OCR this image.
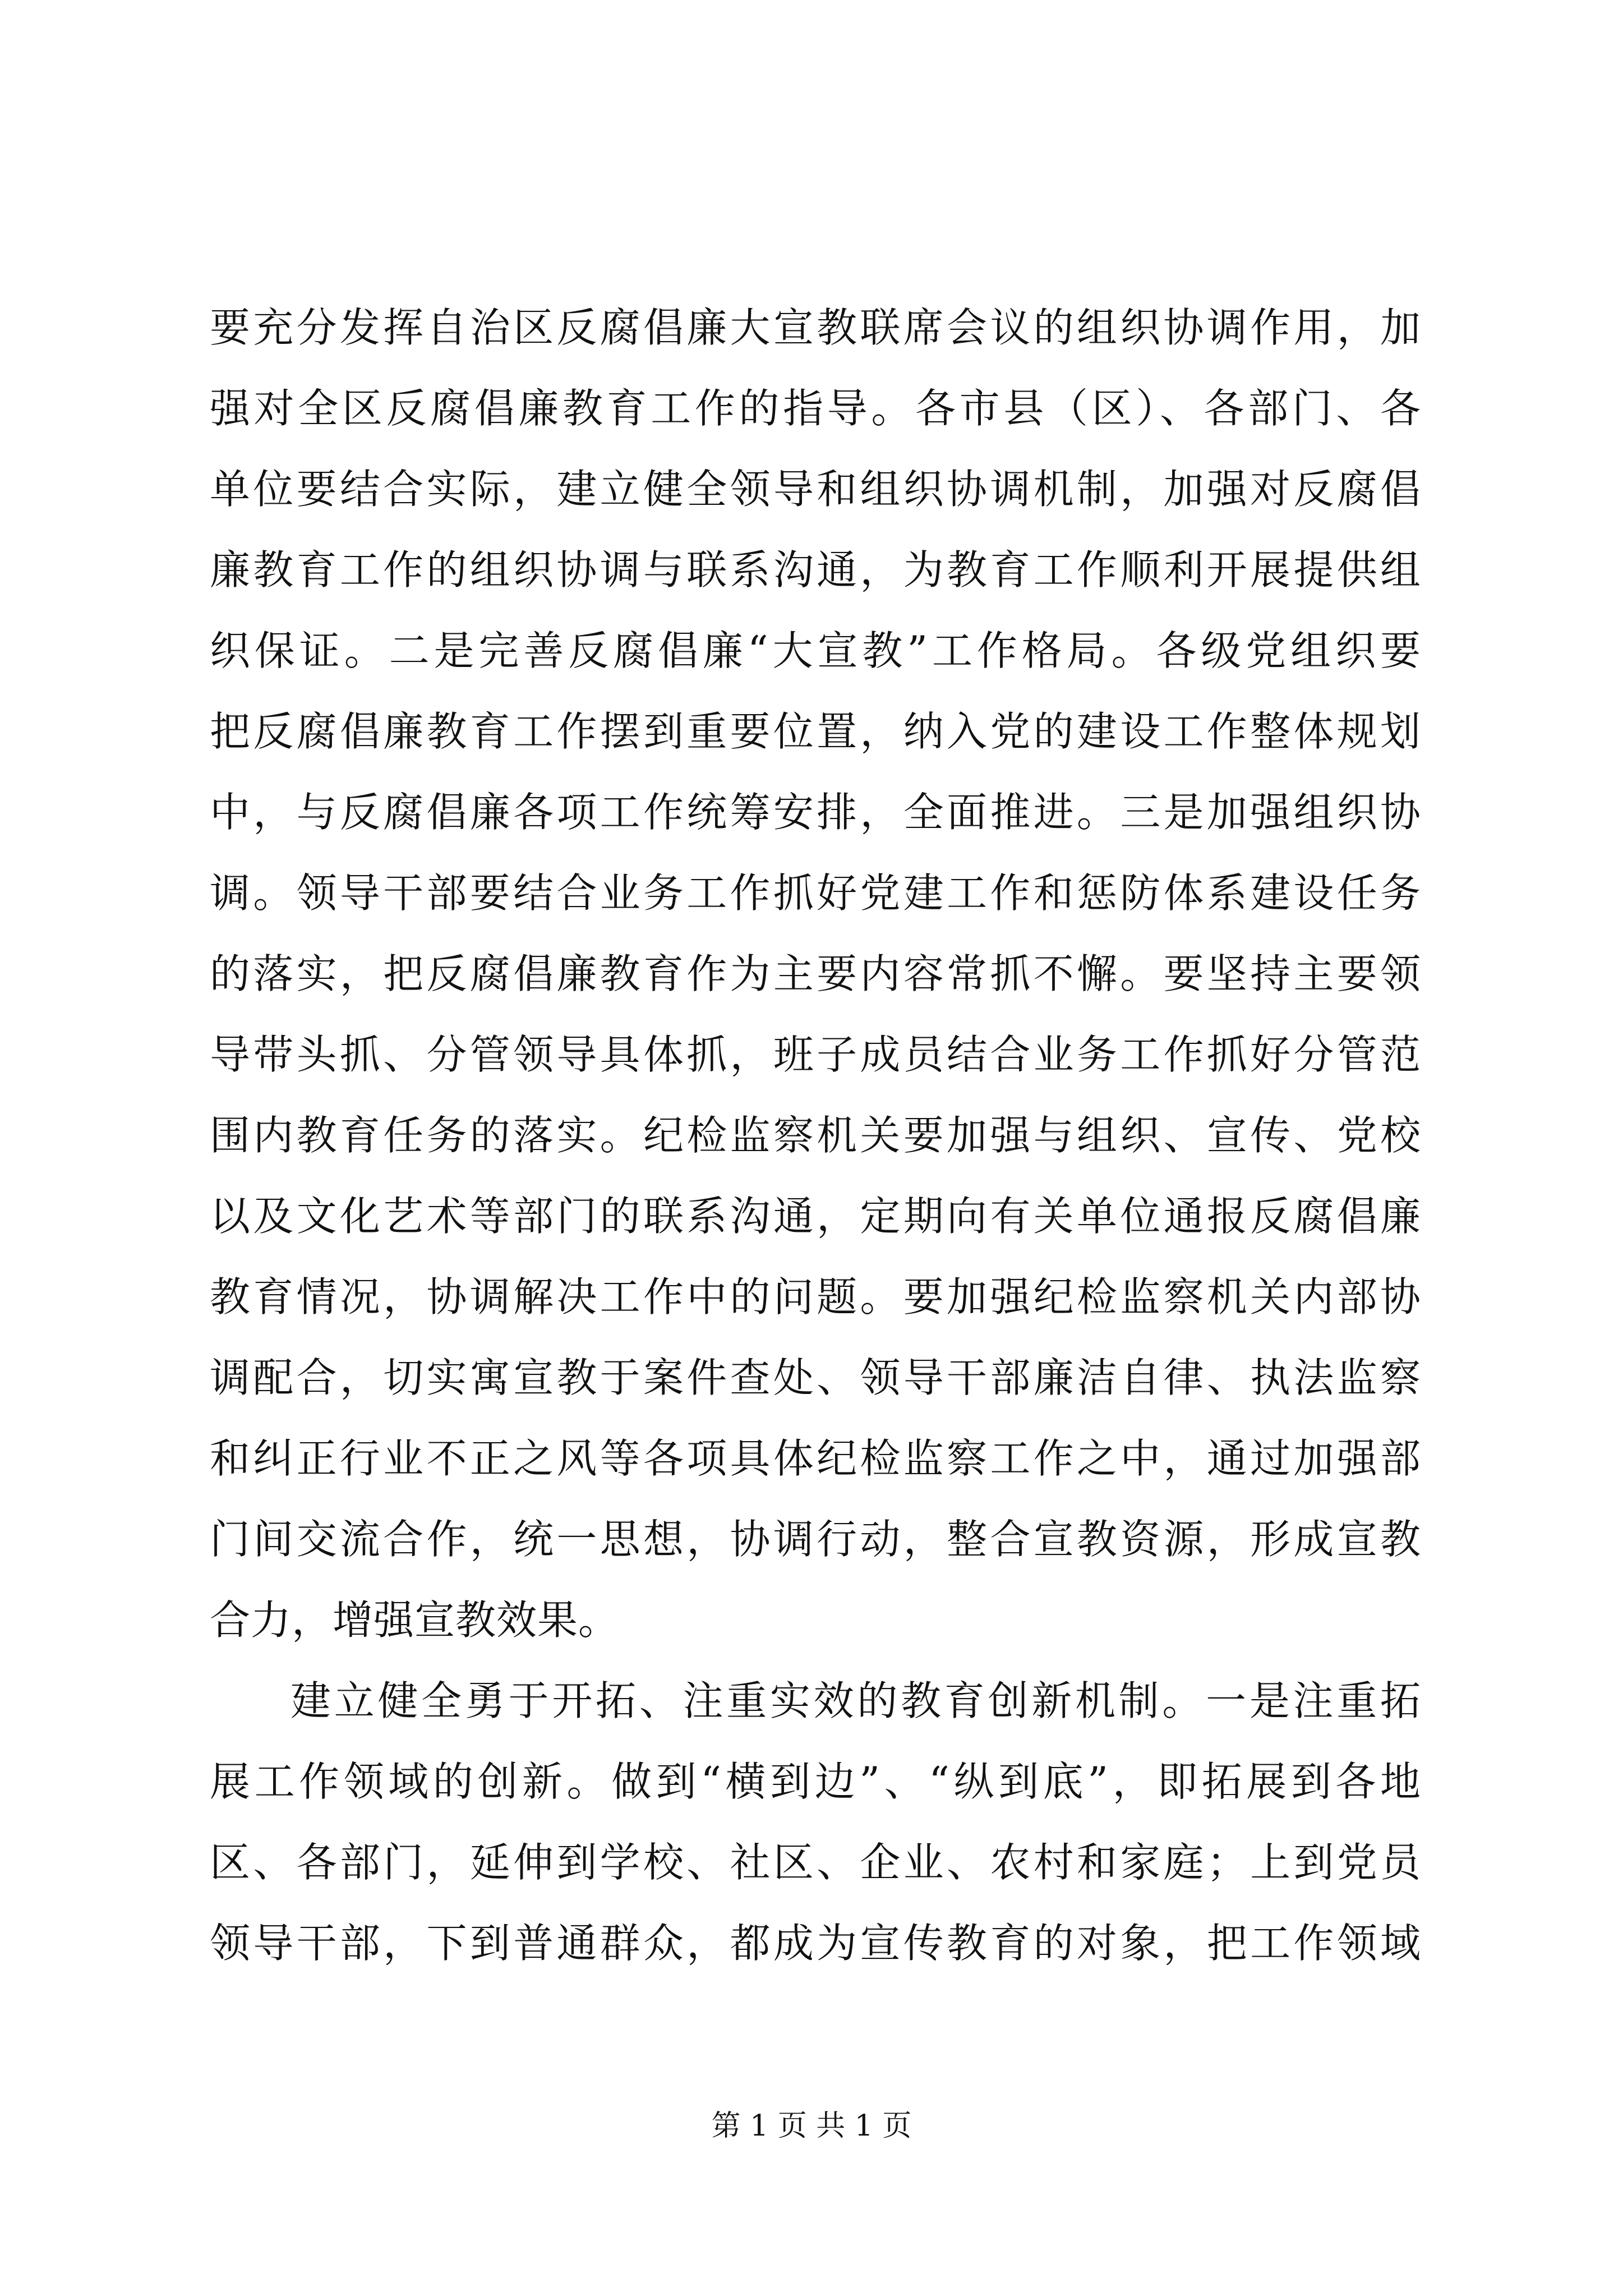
要充分发挥自治区反腐倡廉大宣教联席会议的组织协调作用，加
强对全区反腐倡廉教育工作的指导。各市县（区）、各部门、各
单位要结合实际，建立健全领导和组织协调机制，加强对反腐倡
廉教育工作的组织协调与联系沟通，为教育工作顺利开展提供组
织保证。二是完善反腐倡廉“大宣教”工作格局。各级党组织要
把反腐倡廉教育工作摆到重要位置，纳入党的建设工作整体规划
中，与反腐倡廉各项工作统筹安排，全面推进。三是加强组织协
调。领导干部要结合业务工作抓好党建工作和惩防体系建设任务
的落实，把反腐倡廉教育作为主要内容常抓不懈。要坚持主要领
导带头抓、分管领导具体抓，班子成员结合业务工作抓好分管范
围内教育任务的落实。纪检监察机关要加强与组织、宣传、党校
以及文化艺术等部门的联系沟通，定期向有关单位通报反腐倡廉
教育情况，协调解决工作中的问题。要加强纪检监察机关内部协
调配合，切实寓宣教于案件查处、领导干部廉洁自律、执法监察
和纠正行业不正之风等各项具体纪检监察工作之中，通过加强部
门间交流合作，统一思想，协调行动，整合宣教资源，形成宣教
合力，增强宣教效果。
建立健全勇于开拓、注重实效的教育创新机制。一是注重拓
展工作领域的创新。做到“横到边”、“纵到底”，即拓展到各地
区、各部门，延伸到学校、社区、企业、农村和家庭；上到党员
领导干部，下到普通群众，都成为宣传教育的对象，把工作领域
第 1 页 共 1 页
